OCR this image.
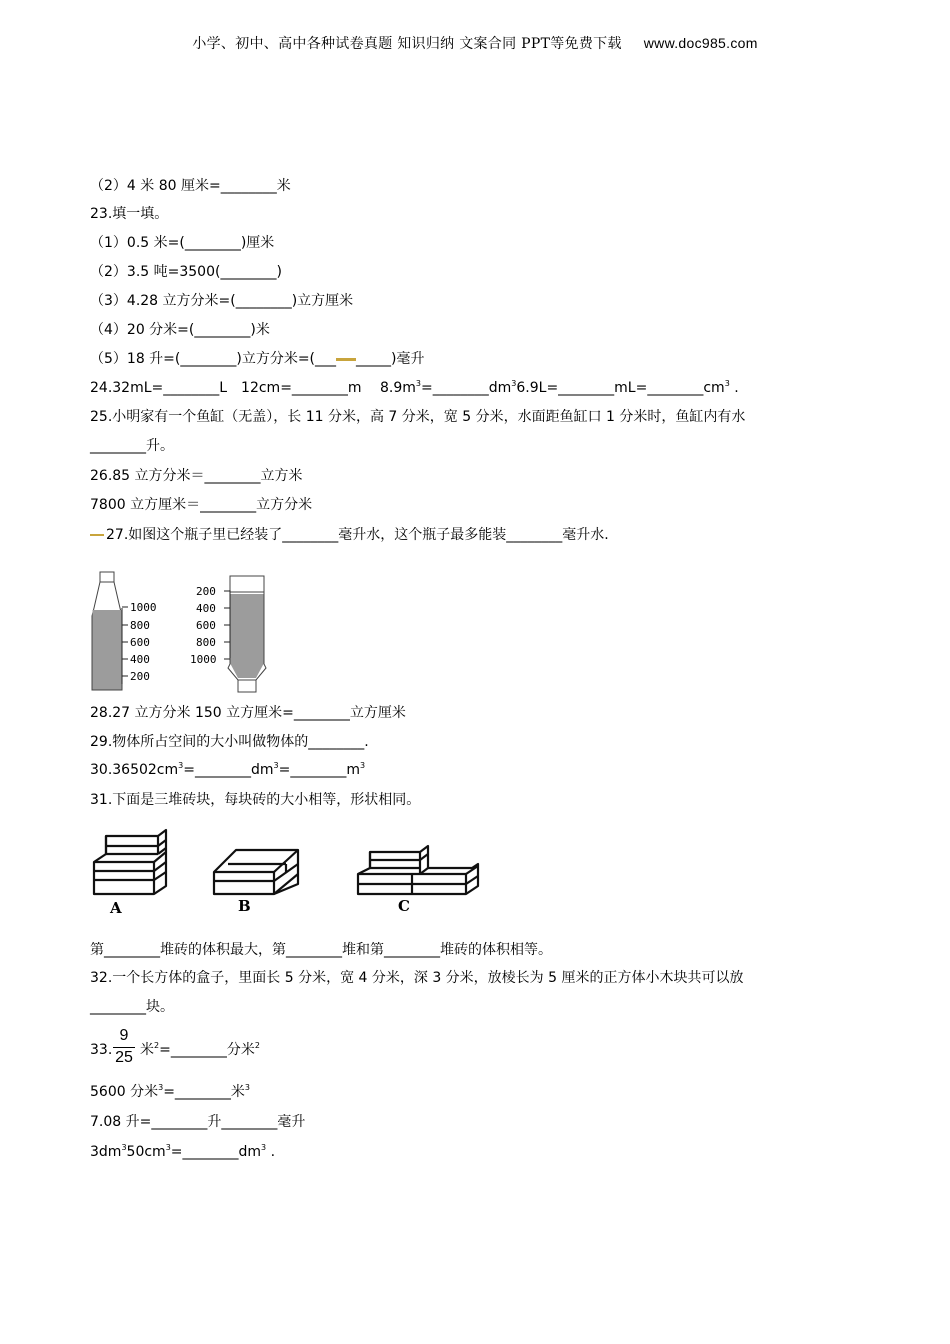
小学、初中、高中各种试卷真题 知识归纳 文案合同 PPT等免费下载 www.doc985.com
（2）4 米 80 厘米=________米
23.填一填。
（1）0.5 米=(________)厘米
（2）3.5 吨=3500(________)
（3）4.28 立方分米=(________)立方厘米
（4）20 分米=(________)米
（5）18 升=(________)立方分米=(___ _____)毫升
24.32mL=________L　12cm=________m　 $8.9m^3=\_\_\_\_\_\_\_\_dm^36.9L=\_\_\_\_\_\_\_\_mL=\_\_\_\_\_\_\_\_cm^3$ .
25.小明家有一个鱼缸（无盖），长 11 分米，高 7 分米，宽 5 分米，水面距鱼缸口 1 分米时，鱼缸内有水
________升。
26.85 立方分米＝________立方米
7800 立方厘米＝________立方分米
27.如图这个瓶子里已经装了________毫升水，这个瓶子最多能装________毫升水.
1000
800
600
400
200
200
400
600
800
1000
28.27 立方分米 150 立方厘米=________立方厘米
29.物体所占空间的大小叫做物体的________.
$30.36502cm^3=\_\_\_\_\_\_\_\_dm^3=\_\_\_\_\_\_\_\_m^3$
31.下面是三堆砖块，每块砖的大小相等，形状相同。
A	B	C
第________堆砖的体积最大，第________堆和第________堆砖的体积相等。
32.一个长方体的盒子，里面长 5 分米，宽 4 分米，深 3 分米，放棱长为 5 厘米的正方体小木块共可以放
________块。
33. $\frac{9}{25}$ 米$^2$=________分米$^2$
5600 分米$^3$=________米$^3$
7.08 升=________升________毫升
$3dm^350cm^3=\_\_\_\_\_\_\_\_dm^3$ .
